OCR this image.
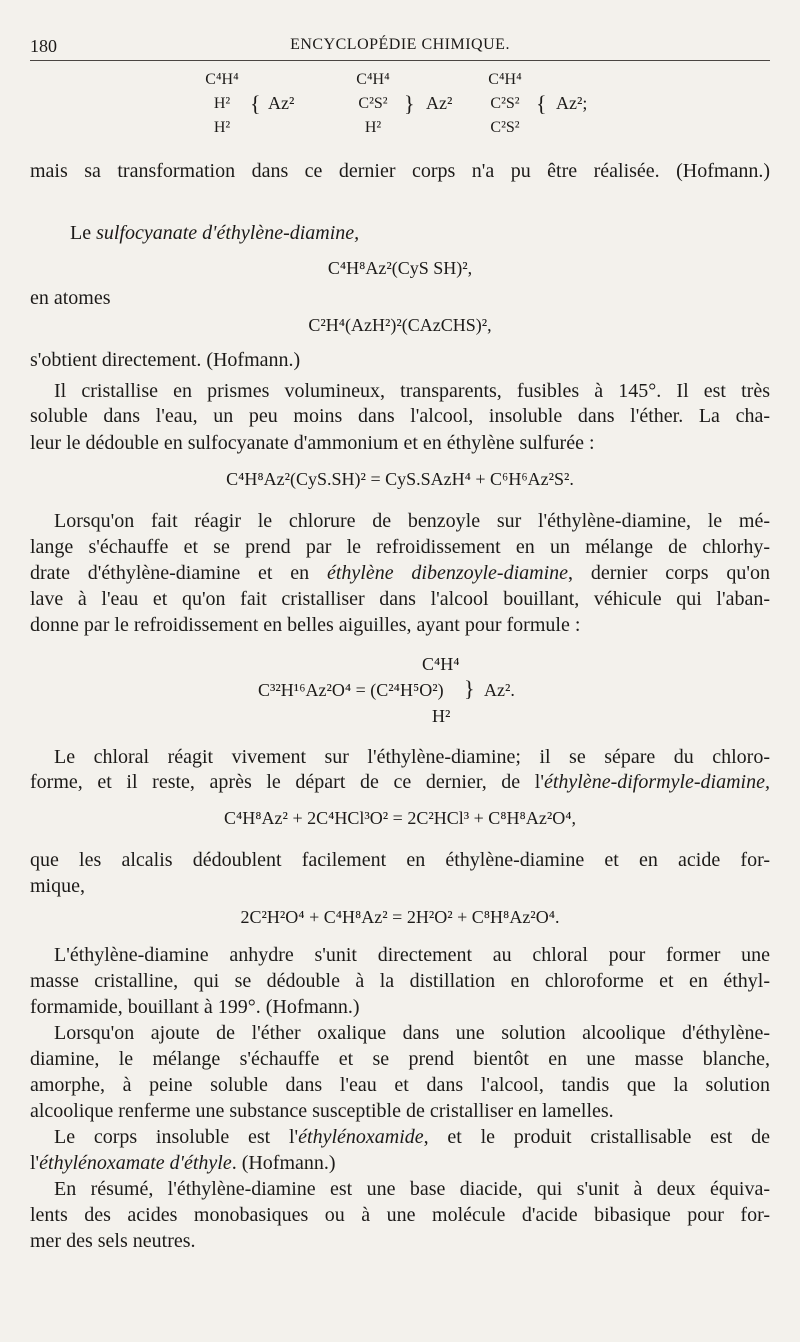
180	ENCYCLOPÉDIE CHIMIQUE.
C⁴H⁴
H²
H²
{ Az²
C⁴H⁴
C²S²
H²
} Az²
C⁴H⁴
C²S²
C²S²
{ Az²;
mais sa transformation dans ce dernier corps n'a pu être réalisée. (Hofmann.)
Le sulfocyanate d'éthylène-diamine,
C⁴H⁸Az²(CyS SH)²,
en atomes
C²H⁴(AzH²)²(CAzCHS)²,
s'obtient directement. (Hofmann.)
Il cristallise en prismes volumineux, transparents, fusibles à 145°. Il est très
soluble dans l'eau, un peu moins dans l'alcool, insoluble dans l'éther. La cha-
leur le dédouble en sulfocyanate d'ammonium et en éthylène sulfurée :
C⁴H⁸Az²(CyS.SH)² = CyS.SAzH⁴ + C⁶H⁶Az²S².
Lorsqu'on fait réagir le chlorure de benzoyle sur l'éthylène-diamine, le mé-
lange s'échauffe et se prend par le refroidissement en un mélange de chlorhy-
drate d'éthylène-diamine et en éthylène dibenzoyle-diamine, dernier corps qu'on
lave à l'eau et qu'on fait cristalliser dans l'alcool bouillant, véhicule qui l'aban-
donne par le refroidissement en belles aiguilles, ayant pour formule :
C⁴H⁴
C³²H¹⁶Az²O⁴ = (C²⁴H⁵O²) } Az².
H²
Le chloral réagit vivement sur l'éthylène-diamine; il se sépare du chloro-
forme, et il reste, après le départ de ce dernier, de l'éthylène-diformyle-diamine,
C⁴H⁸Az² + 2C⁴HCl³O² = 2C²HCl³ + C⁸H⁸Az²O⁴,
que les alcalis dédoublent facilement en éthylène-diamine et en acide for-
mique,
2C²H²O⁴ + C⁴H⁸Az² = 2H²O² + C⁸H⁸Az²O⁴.
L'éthylène-diamine anhydre s'unit directement au chloral pour former une
masse cristalline, qui se dédouble à la distillation en chloroforme et en éthyl-
formamide, bouillant à 199°. (Hofmann.)
Lorsqu'on ajoute de l'éther oxalique dans une solution alcoolique d'éthylène-
diamine, le mélange s'échauffe et se prend bientôt en une masse blanche,
amorphe, à peine soluble dans l'eau et dans l'alcool, tandis que la solution
alcoolique renferme une substance susceptible de cristalliser en lamelles.
Le corps insoluble est l'éthylénoxamide, et le produit cristallisable est de
l'éthylénoxamate d'éthyle. (Hofmann.)
En résumé, l'éthylène-diamine est une base diacide, qui s'unit à deux équiva-
lents des acides monobasiques ou à une molécule d'acide bibasique pour for-
mer des sels neutres.
